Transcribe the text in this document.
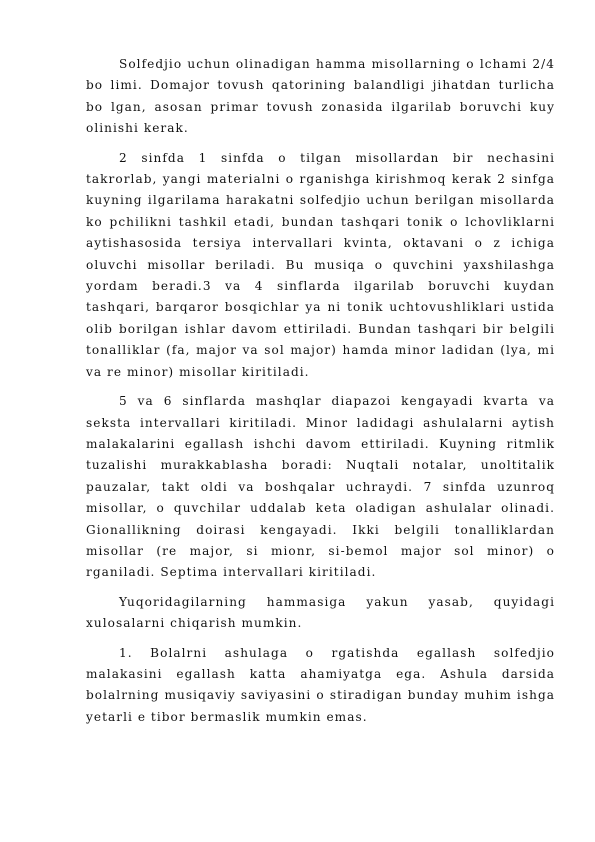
Solfedjio uchun olinadigan hamma misollarning o lchami 2/4 bo limi. Domajor tovush qatorining balandligi jihatdan turlicha bo lgan, asosan primar tovush zonasida ilgarilab boruvchi kuy olinishi kerak.

2 sinfda 1 sinfda o tilgan misollardan bir nechasini takrorlab, yangi materialni o rganishga kirishmoq kerak 2 sinfga kuyning ilgarilama harakatni solfedjio uchun berilgan misollarda ko pchilikni tashkil etadi, bundan tashqari tonik o lchovliklarni aytishasosida tersiya intervallari kvinta, oktavani o z ichiga oluvchi misollar beriladi. Bu musiqa o quvchini yaxshilashga yordam beradi.3 va 4 sinflarda ilgarilab boruvchi kuydan tashqari, barqaror bosqichlar ya ni tonik uchtovushliklari ustida olib borilgan ishlar davom ettiriladi. Bundan tashqari bir belgili tonalliklar (fa, major va sol major) hamda minor ladidan (lya, mi va re minor) misollar kiritiladi.

5 va 6 sinflarda mashqlar diapazoi kengayadi kvarta va seksta intervallari kiritiladi. Minor ladidagi ashulalarni aytish malakalarini egallash ishchi davom ettiriladi. Kuyning ritmlik tuzalishi murakkablasha boradi: Nuqtali notalar, unoltitalik pauzalar, takt oldi va boshqalar uchraydi. 7 sinfda uzunroq misollar, o quvchilar uddalab keta oladigan ashulalar olinadi. Gionallikning doirasi kengayadi. Ikki belgili tonalliklardan misollar (re major, si mionr, si-bemol major sol minor) o rganiladi. Septima intervallari kiritiladi.

Yuqoridagilarning hammasiga yakun yasab, quyidagi xulosalarni chiqarish mumkin.

1. Bolalrni ashulaga o rgatishda egallash solfedjio malakasini egallash katta ahamiyatga ega. Ashula darsida bolalrning musiqaviy saviyasini o stiradigan bunday muhim ishga yetarli e tibor bermaslik mumkin emas.
